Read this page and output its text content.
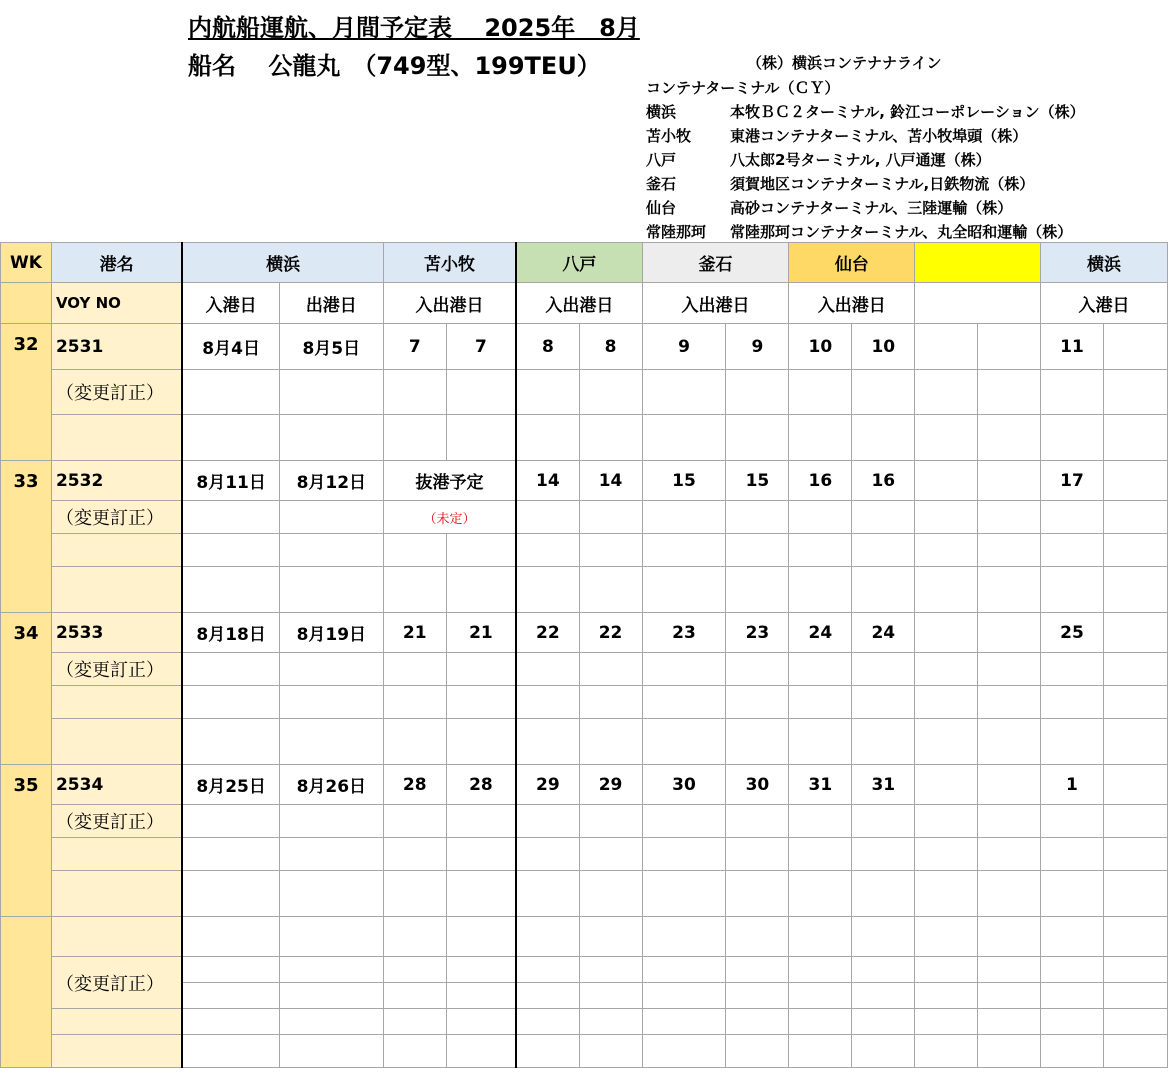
内航船運航、月間予定表　 2025年　8月
船名　 公龍丸　（749型、199TEU）	（株）横浜コンテナナライン
コンテナターミナル（ＣＹ）
横浜	本牧ＢＣ２ターミナル, 鈴江コーポレーション（株）
苫小牧	東港コンテナターミナル、苫小牧埠頭（株）
八戸	八太郎2号ターミナル, 八戸通運（株）
釜石	須賀地区コンテナターミナル,日鉄物流（株）
仙台	高砂コンテナターミナル、三陸運輸（株）
常陸那珂 常陸那珂コンテナターミナル、丸全昭和運輸（株）
WK	港名	横浜		苫小牧		八戸		釜石		仙台				横浜	
	VOY NO	入港日	出港日	入出港日		入出港日		入出港日		入出港日				入港日	
32	2531	8月4日	8月5日	7	7	8	8	9	9	10	10			11	
	（変更訂正）														

33	2532	8月11日	8月12日	抜港予定		14	14	15	15	16	16			17	
	（変更訂正）			（未定）											

34	2533	8月18日	8月19日	21	21	22	22	23	23	24	24			25	
	（変更訂正）														

35	2534	8月25日	8月26日	28	28	29	29	30	30	31	31			1	
	（変更訂正）														

	（変更訂正）														
